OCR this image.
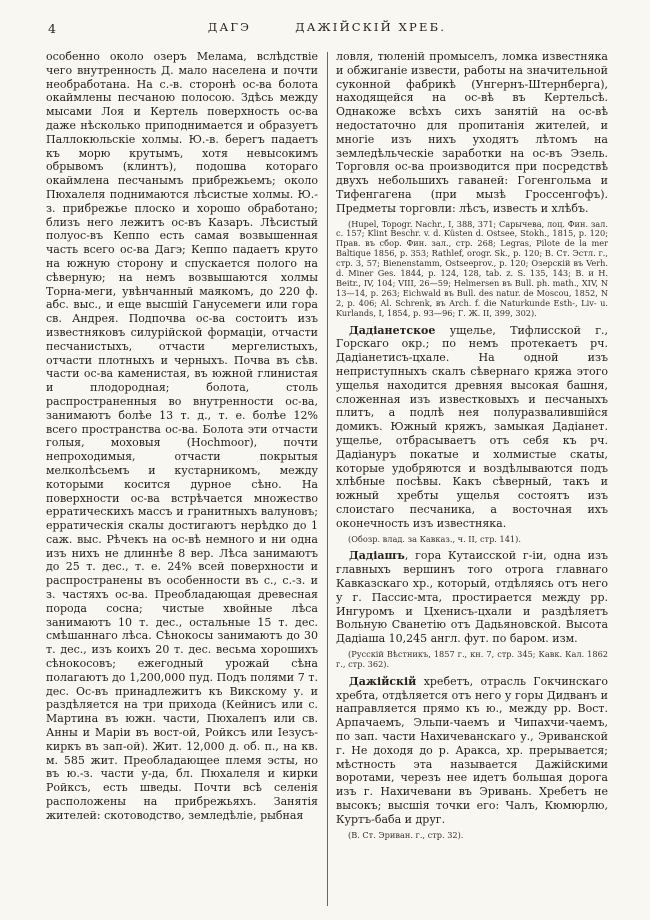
4	ДАГЭ	ДАЖІЙСКІЙ ХРЕБ.

особенно около озеръ Мелама, вслѣдствіе чего внутренность Д. мало населена и почти необработана. На с.-в. сторонѣ ос-ва болота окаймлены песчаною полосою. Здѣсь между мысами Лоя и Кертель поверхность ос-ва даже нѣсколько приподнимается и образуетъ Паллокюльскіе холмы. Ю.-в. берегъ падаетъ къ морю крутымъ, хотя невысокимъ обрывомъ (клинтъ), подошва котораго окаймлена песчанымъ прибрежьемъ; около Пюхалеля поднимаются лѣсистые холмы. Ю.-з. прибрежье плоско и хорошо обработано; близъ него лежитъ ос-въ Казаръ. Лѣсистый полуос-въ Кеппо есть самая возвышенная часть всего ос-ва Дагэ; Кеппо падаетъ круто на южную сторону и спускается полого на сѣверную; на немъ возвышаются холмы Торна-меги, увѣнчанный маякомъ, до 220 ф. абс. выс., и еще высшій Ганусемеги или гора св. Андрея. Подпочва ос-ва состоитъ изъ известняковъ силурійской формаціи, отчасти песчанистыхъ, отчасти мергелистыхъ, отчасти плотныхъ и черныхъ. Почва въ сѣв. части ос-ва каменистая, въ южной глинистая и плодородная; болота, столь распространенныя во внутренности ос-ва, занимаютъ болѣе 13 т. д., т. е. болѣе 12% всего пространства ос-ва. Болота эти отчасти голыя, моховыя (Hochmoor), почти непроходимыя, отчасти покрытыя мелколѣсьемъ и кустарникомъ, между которыми косится дурное сѣно. На поверхности ос-ва встрѣчается множество ерратическихъ массъ и гранитныхъ валуновъ; ерратическія скалы достигаютъ нерѣдко до 1 саж. выс. Рѣчекъ на ос-вѣ немного и ни одна изъ нихъ не длиннѣе 8 вер. Лѣса занимаютъ до 25 т. дес., т. е. 24% всей поверхности и распространены въ особенности въ с., с.-з. и з. частяхъ ос-ва. Преобладающая древесная порода сосна; чистые хвойные лѣса занимаютъ 10 т. дес., остальные 15 т. дес. смѣшаннаго лѣса. Сѣнокосы занимаютъ до 30 т. дес., изъ коихъ 20 т. дес. весьма хорошихъ сѣнокосовъ; ежегодный урожай сѣна полагаютъ до 1,200,000 пуд. Подъ полями 7 т. дес. Ос-въ принадлежитъ къ Викскому у. и раздѣляется на три прихода (Кейнисъ или с. Мартина въ южн. части, Пюхалепъ или св. Анны и Маріи въ вост-ой, Ройксъ или Іезусъ-киркъ въ зап-ой). Жит. 12,000 д. об. п., на кв. м. 585 жит. Преобладающее племя эсты, но въ ю.-з. части у-да, бл. Пюхалеля и кирки Ройксъ, есть шведы. Почти всѣ селенія расположены на прибрежьяхъ. Занятія жителей: скотоводство, земледѣліе, рыбная

ловля, тюленій промыселъ, ломка известняка и обжиганіе извести, работы на значительной суконной фабрикѣ (Унгернъ-Штернберга), находящейся на ос-вѣ въ Кертельсѣ. Однакоже всѣхъ сихъ занятій на ос-вѣ недостаточно для пропитанія жителей, и многіе изъ нихъ уходятъ лѣтомъ на земледѣльческіе заработки на ос-въ Эзель. Торговля ос-ва производится при посредствѣ двухъ небольшихъ гаваней: Гогенгольма и Тифенгагена (при мызѣ Гроссенгофъ). Предметы торговли: лѣсъ, известь и хлѣбъ.

(Hupel, Topogr. Nachr., I, 388, 371; Сарычева, лоц. Фин. зал. с. 157; Klint Beschr. v. d. Küsten d. Ostsee, Stokh., 1815, p. 120; Прав. въ сбор. Фин. зал., стр. 268; Legras, Pilote de la mer Baltique 1856, p. 353; Rathlef, orogr. Sk., p. 120; В. Ст. Эстл. г., стр. 3, 57; Bienenstamm, Ostseeprov., p. 120; Озерскій въ Verh. d. Miner Ges. 1844, p. 124, 128, tab. z. S. 135, 143; В. и Н. Beitr., IV, 104; VIII, 26—59; Helmersen въ Bull. ph. math., XIV, N 13—14, p. 263; Eichwald въ Bull. des natur. de Moscou, 1852, N 2, p. 406; Al. Schrenk, въ Arch. f. die Naturkunde Esth-, Liv- u. Kurlands, I, 1854, p. 93—96; Г. Ж. II, 399, 302).

Дадіанетское ущелье, Тифлисской г., Горскаго окр.; по немъ протекаетъ рч. Дадіанетисъ-цхале. На одной изъ неприступныхъ скалъ сѣвернаго кряжа этого ущелья находится древняя высокая башня, сложенная изъ известковыхъ и песчаныхъ плитъ, а подлѣ нея полуразвалившійся домикъ. Южный кряжъ, замыкая Дадіанет. ущелье, отбрасываетъ отъ себя къ рч. Дадіануръ покатые и холмистые скаты, которые удобряются и воздѣлываются подъ хлѣбные посѣвы. Какъ сѣверный, такъ и южный хребты ущелья состоятъ изъ слоистаго песчаника, а восточная ихъ оконечность изъ известняка.

(Обозр. влад. за Кавказ., ч. II, стр. 141).

Дадіашъ, гора Кутаисской г-іи, одна изъ главныхъ вершинъ того отрога главнаго Кавказскаго хр., который, отдѣляясь отъ него у г. Пассис-мта, простирается между рр. Ингуромъ и Цхенисъ-цхали и раздѣляетъ Вольную Сванетію отъ Дадьяновской. Высота Дадіаша 10,245 англ. фут. по баром. изм.

(Русскій Вѣстникъ, 1857 г., кн. 7, стр. 345; Кавк. Кал. 1862 г., стр. 362).

Дажійскій хребетъ, отрасль Гокчинскаго хребта, отдѣляется отъ него у горы Дидванъ и направляется прямо къ ю., между рр. Вост. Арпачаемъ, Эльпи-чаемъ и Чипахчи-чаемъ, по зап. части Нахичеванскаго у., Эриванской г. Не доходя до р. Аракса, хр. прерывается; мѣстность эта называется Дажійскими воротами, черезъ нее идетъ большая дорога изъ г. Нахичевани въ Эривань. Хребетъ не высокъ; высшія точки его: Чалъ, Кюмюрлю, Куртъ-баба и друг.

(В. Ст. Эриван. г., стр. 32).
